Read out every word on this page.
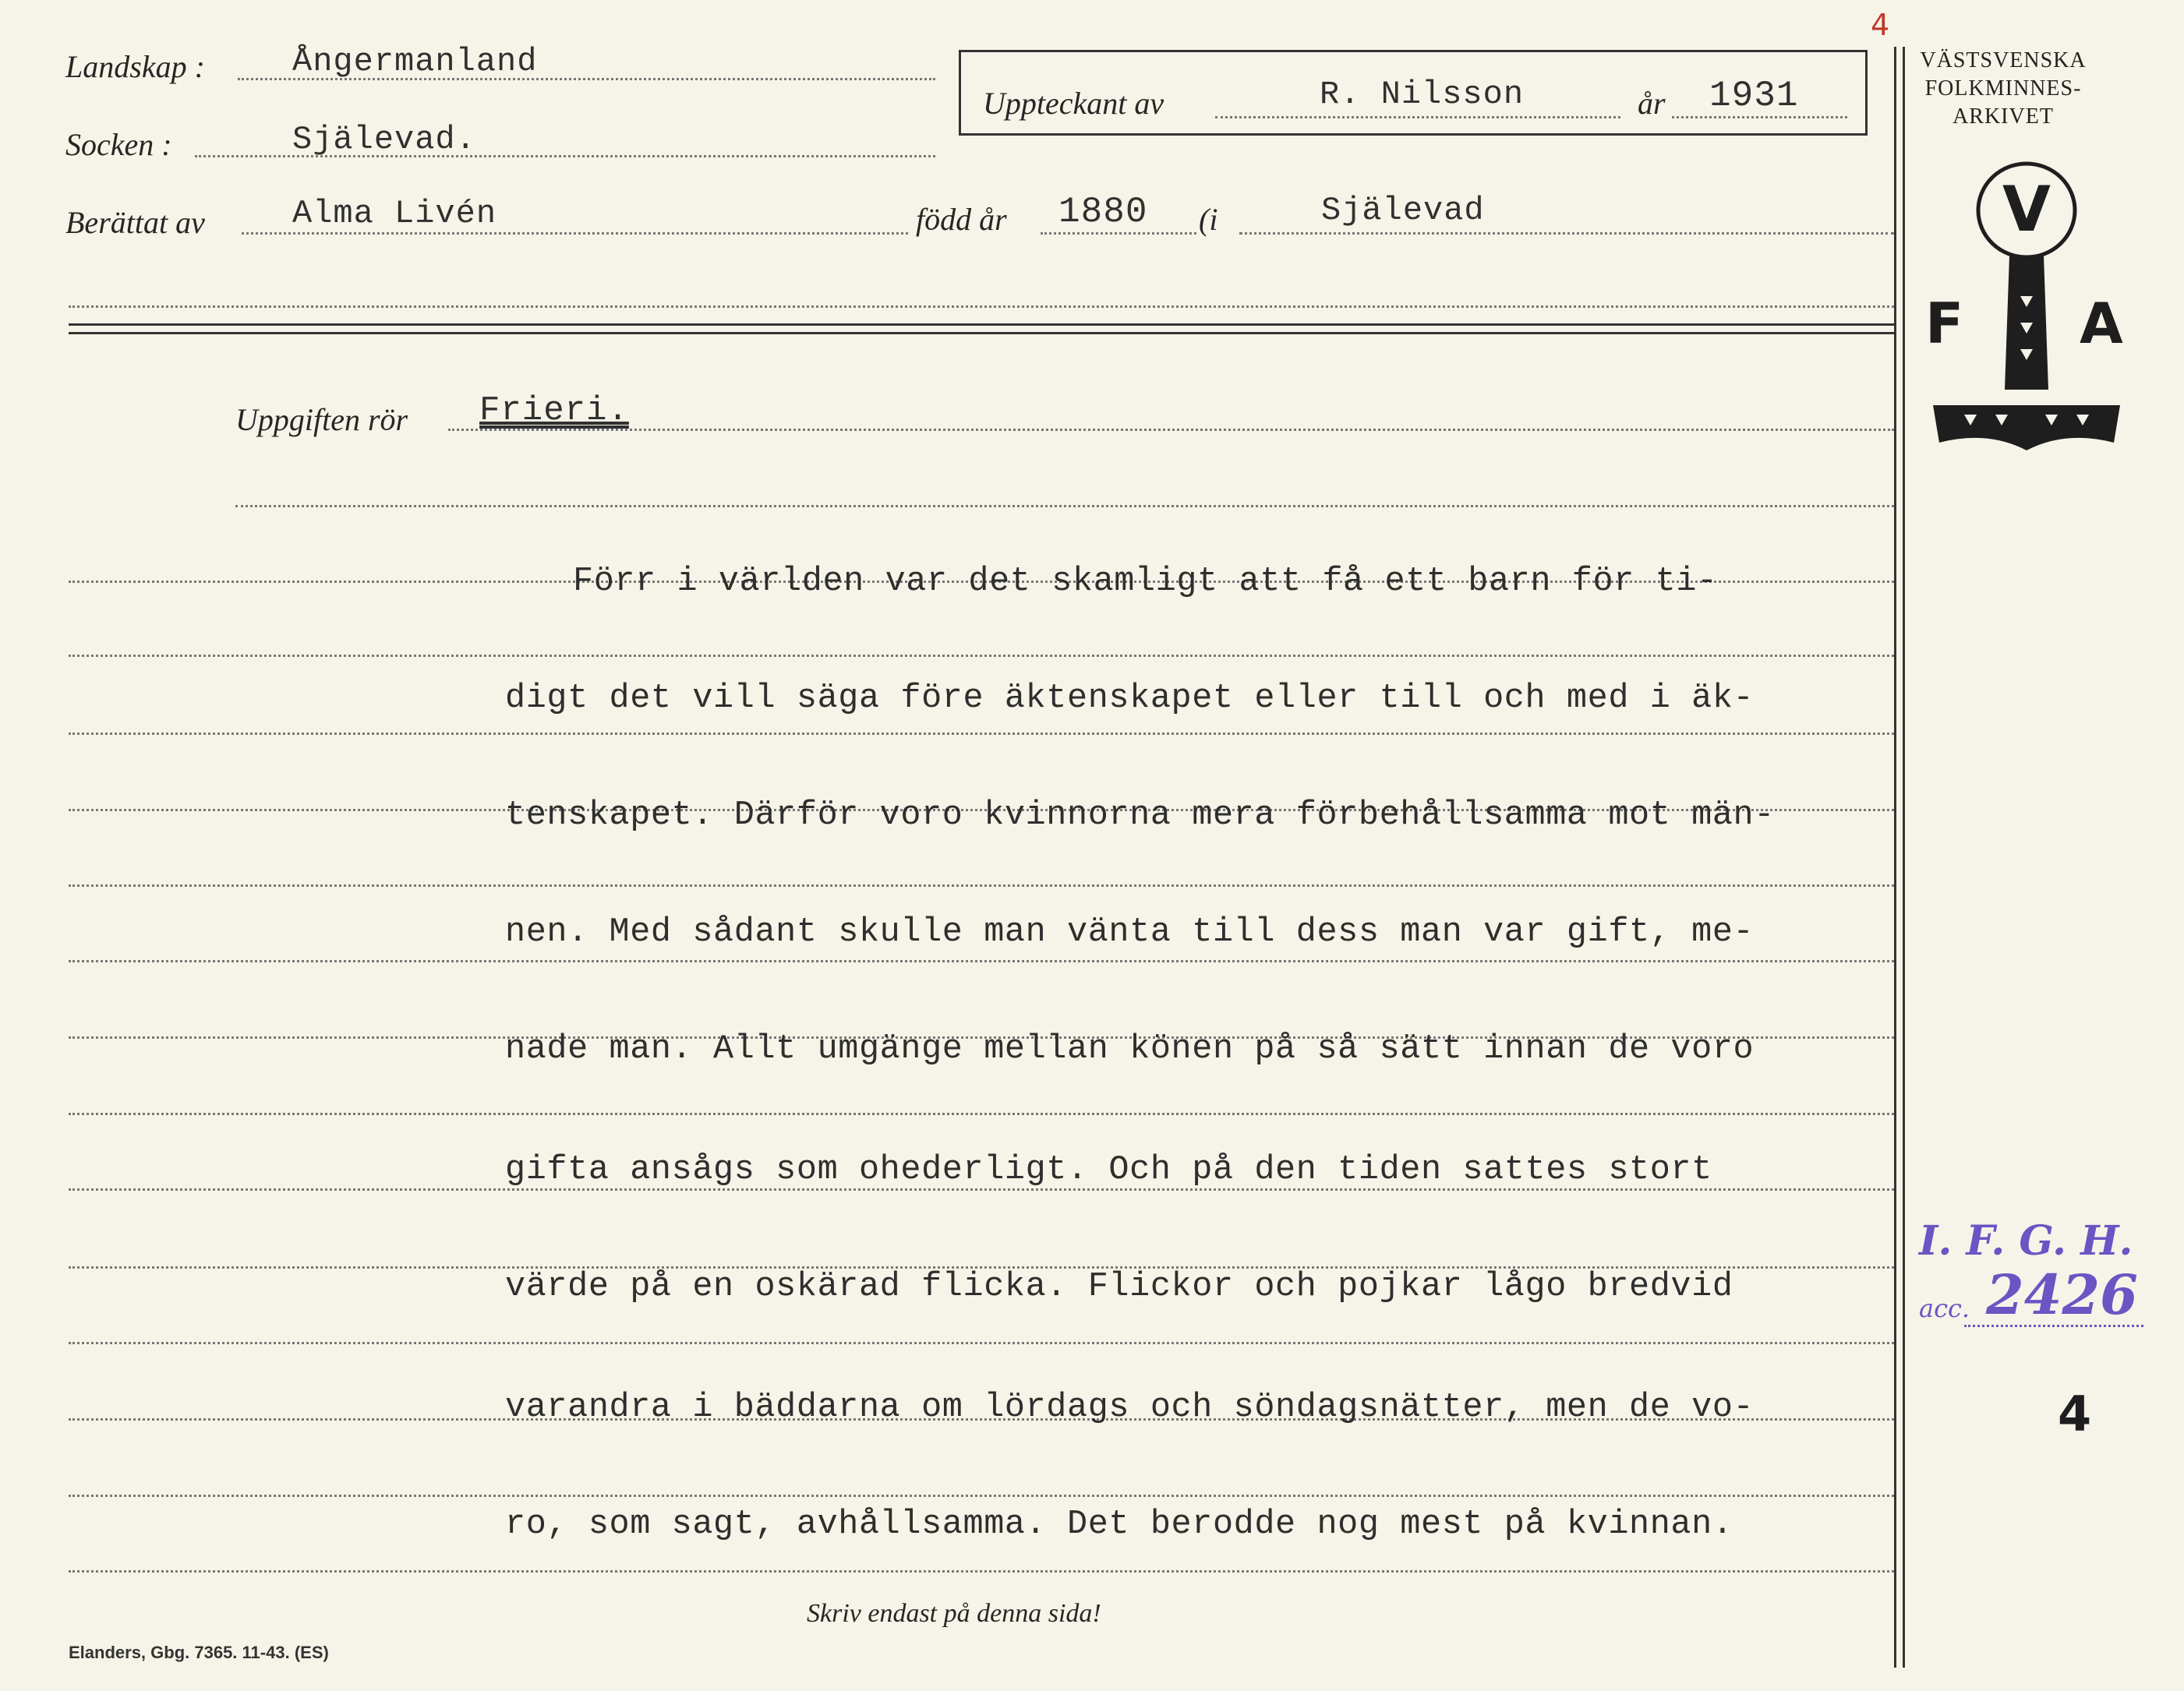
Landskap :	Ångermanland
Socken :	Själevad.
Berättat av	Alma Livén	född år 1880 (i	Själevad
Uppteckant av	R. Nilsson	år 1931
4
Uppgiften rör Frieri.
Förr i världen var det skamligt att få ett barn för ti-
digt det vill säga före äktenskapet eller till och med i äk-
tenskapet. Därför voro kvinnorna mera förbehållsamma mot män-
nen. Med sådant skulle man vänta till dess man var gift, me-
nade man. Allt umgänge mellan könen på så sätt innan de voro
gifta ansågs som ohederligt. Och på den tiden sattes stort
värde på en oskärad flicka. Flickor och pojkar lågo bredvid
varandra i bäddarna om lördags och söndagsnätter, men de vo-
ro, som sagt, avhållsamma. Det berodde nog mest på kvinnan.
Skriv endast på denna sida!
Elanders, Gbg. 7365. 11-43. (ES)
VÄSTSVENSKA
FOLKMINNES-
ARKIVET
V
F A
I. F. G. H.
acc. 2426
4
